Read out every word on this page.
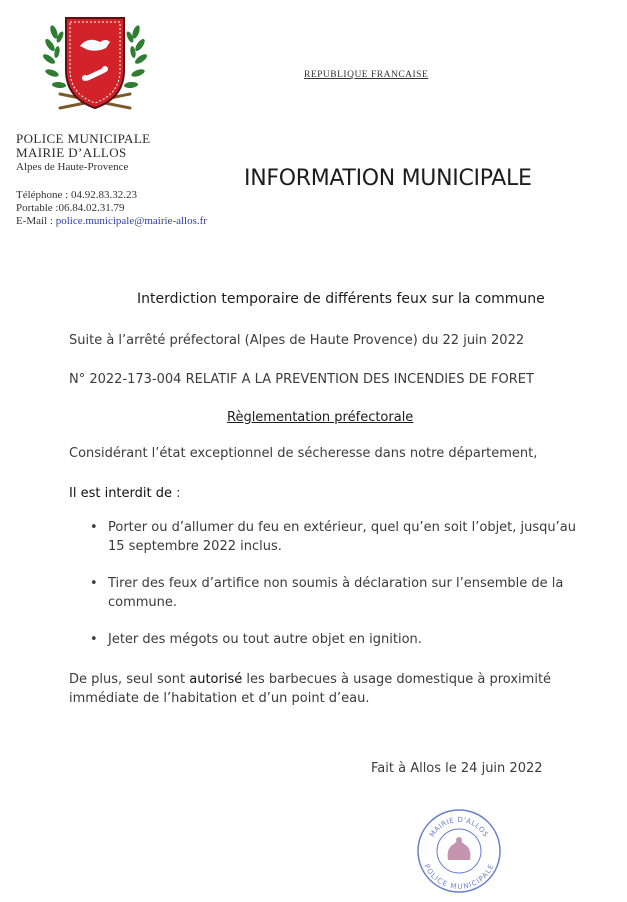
REPUBLIQUE FRANCAISE
POLICE MUNICIPALE
MAIRIE D’ALLOS
Alpes de Haute-Provence
Téléphone : 04.92.83.32.23
Portable :06.84.02.31.79
E-Mail : police.municipale@mairie-allos.fr
INFORMATION MUNICIPALE
Interdiction temporaire de différents feux sur la commune
Suite à l’arrêté préfectoral (Alpes de Haute Provence) du 22 juin 2022
N° 2022-173-004 RELATIF A LA PREVENTION DES INCENDIES DE FORET
Règlementation préfectorale
Considérant l’état exceptionnel de sécheresse dans notre département,
Il est interdit de :
• Porter ou d’allumer du feu en extérieur, quel qu’en soit l’objet, jusqu’au
15 septembre 2022 inclus.
• Tirer des feux d’artifice non soumis à déclaration sur l’ensemble de la
commune.
• Jeter des mégots ou tout autre objet en ignition.
De plus, seul sont autorisé les barbecues à usage domestique à proximité
immédiate de l’habitation et d’un point d’eau.
Fait à Allos le 24 juin 2022
MAIRIE D'ALLOS
POLICE MUNICIPALE
